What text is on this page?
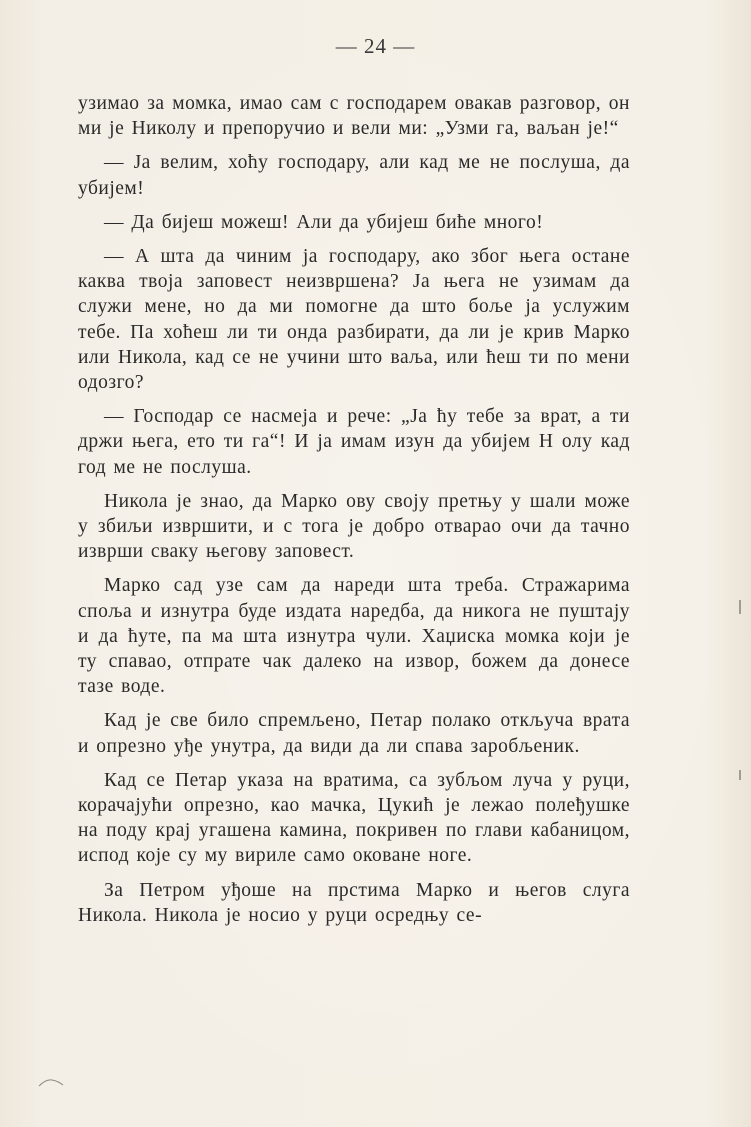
— 24 —

узимао за момка, имао сам с господарем овакав разговор, он ми је Николу и препоручио и вели ми: „Узми га, ваљан је!“

— Ја велим, хоћу господару, али кад ме не послуша, да убијем!

— Да бијеш можеш! Али да убијеш биће много!

— А шта да чиним ја господару, ако због њега остане каква твоја заповест неизвршена? Ја њега не узимам да служи мене, но да ми помогне да што боље ја услужим тебе. Па хоћеш ли ти онда разбирати, да ли је крив Марко или Никола, кад се не учини што ваља, или ћеш ти по мени одозго?

— Господар се насмеја и рече: „Ја ћу тебе за врат, а ти држи њега, ето ти га“! И ја имам изун да убијем Н олу кад год ме не послуша.

Никола је знао, да Марко ову своју претњу у шали може у збиљи извршити, и с тога је добро отварао очи да тачно изврши сваку његову заповест.

Марко сад узе сам да нареди шта треба. Стражарима споља и изнутра буде издата наредба, да никога не пуштају и да ћуте, па ма шта изнутра чули. Хаџиска момка који је ту спавао, отпрате чак далеко на извор, божем да донесе тазе воде.

Кад је све било спремљено, Петар полако откључа врата и опрезно уђе унутра, да види да ли спава заробљеник.

Кад се Петар указа на вратима, са зубљом луча у руци, корачајући опрезно, као мачка, Цукић је лежао полеђушке на поду крај угашена камина, покривен по глави кабаницом, испод које су му вириле само оковане ноге.

За Петром уђоше на прстима Марко и његов слуга Никола. Никола је носио у руци осредњу се-
